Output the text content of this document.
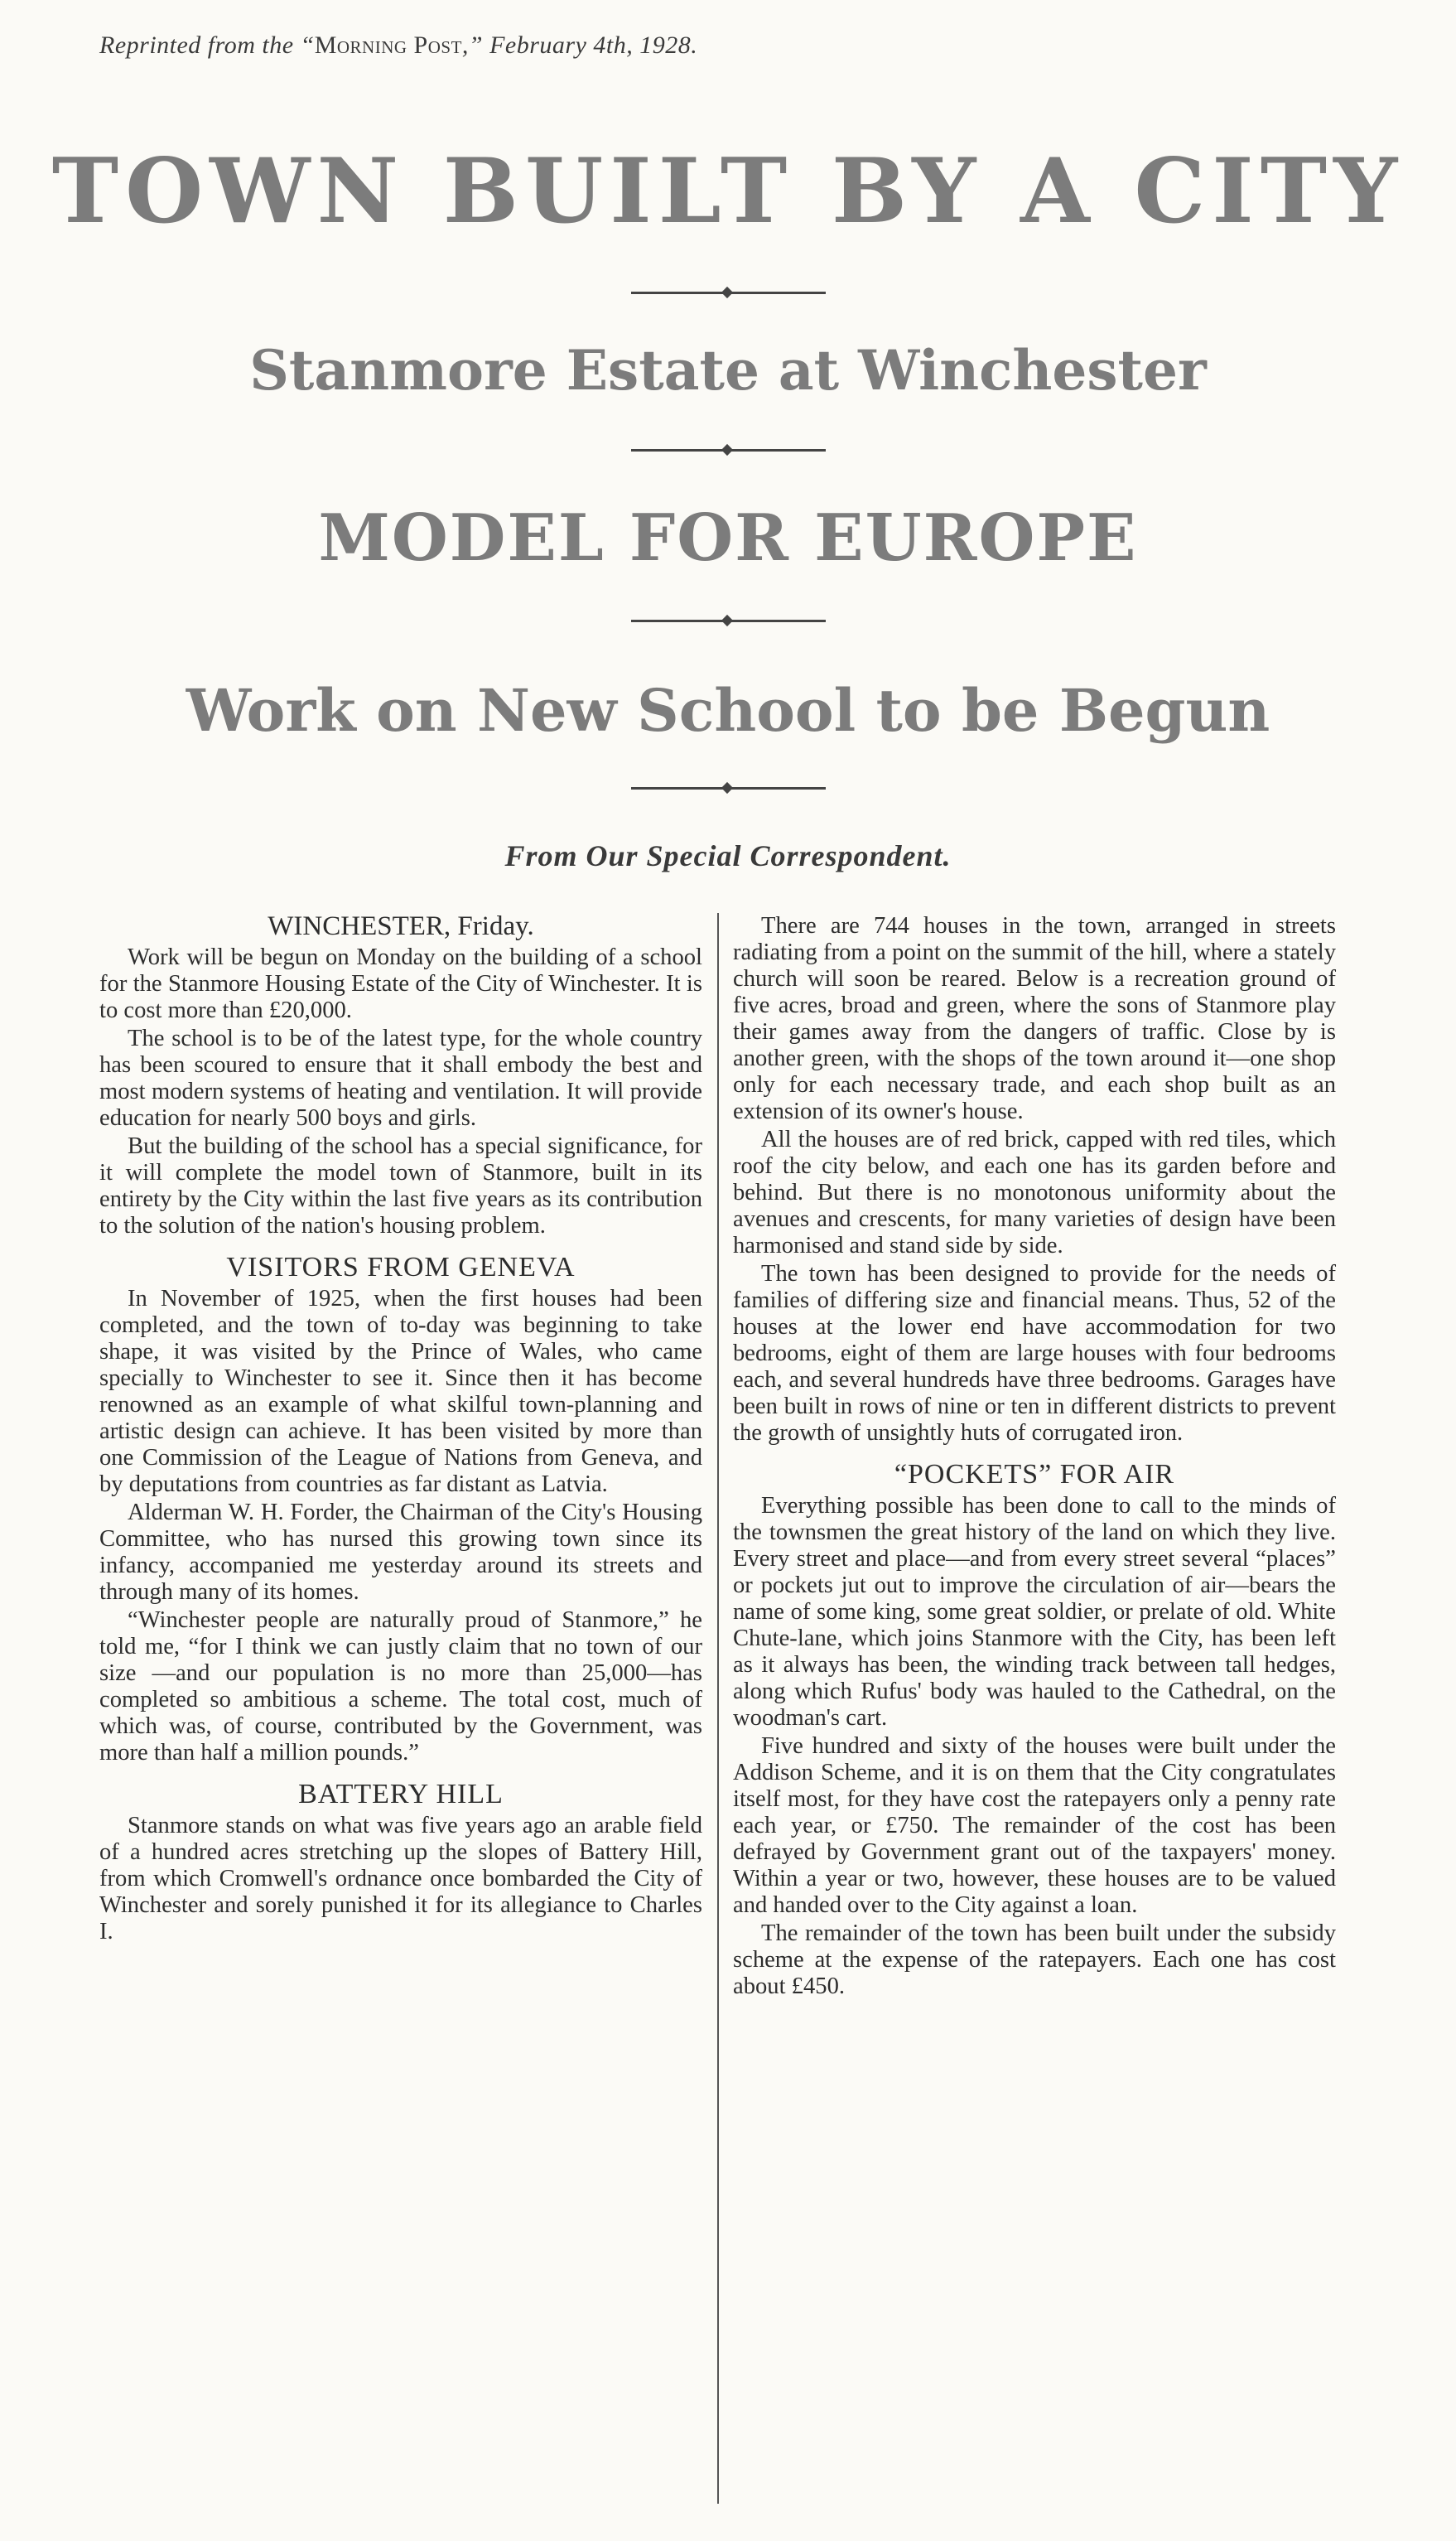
Reprinted from the “Morning Post,” February 4th, 1928.
TOWN BUILT BY A CITY
Stanmore Estate at Winchester
MODEL FOR EUROPE
Work on New School to be Begun
From Our Special Correspondent.
WINCHESTER, Friday.

Work will be begun on Monday on the building of a school for the Stanmore Housing Estate of the City of Winchester. It is to cost more than £20,000.

The school is to be of the latest type, for the whole country has been scoured to ensure that it shall embody the best and most modern systems of heating and ventilation. It will provide education for nearly 500 boys and girls.

But the building of the school has a special significance, for it will complete the model town of Stanmore, built in its entirety by the City within the last five years as its contribution to the solution of the nation's housing problem.

VISITORS FROM GENEVA

In November of 1925, when the first houses had been completed, and the town of to-day was beginning to take shape, it was visited by the Prince of Wales, who came specially to Winchester to see it. Since then it has become renowned as an example of what skilful town-planning and artistic design can achieve. It has been visited by more than one Commission of the League of Nations from Geneva, and by deputations from countries as far distant as Latvia.

Alderman W. H. Forder, the Chairman of the City's Housing Committee, who has nursed this growing town since its infancy, accompanied me yesterday around its streets and through many of its homes.

“Winchester people are naturally proud of Stanmore,” he told me, “for I think we can justly claim that no town of our size —and our population is no more than 25,000—has completed so ambitious a scheme. The total cost, much of which was, of course, contributed by the Government, was more than half a million pounds.”

BATTERY HILL

Stanmore stands on what was five years ago an arable field of a hundred acres stretching up the slopes of Battery Hill, from which Cromwell's ordnance once bombarded the City of Winchester and sorely punished it for its allegiance to Charles I.

There are 744 houses in the town, arranged in streets radiating from a point on the summit of the hill, where a stately church will soon be reared. Below is a recreation ground of five acres, broad and green, where the sons of Stanmore play their games away from the dangers of traffic. Close by is another green, with the shops of the town around it—one shop only for each necessary trade, and each shop built as an extension of its owner's house.

All the houses are of red brick, capped with red tiles, which roof the city below, and each one has its garden before and behind. But there is no monotonous uniformity about the avenues and crescents, for many varieties of design have been harmonised and stand side by side.

The town has been designed to provide for the needs of families of differing size and financial means. Thus, 52 of the houses at the lower end have accommodation for two bedrooms, eight of them are large houses with four bedrooms each, and several hundreds have three bedrooms. Garages have been built in rows of nine or ten in different districts to prevent the growth of unsightly huts of corrugated iron.

“POCKETS” FOR AIR

Everything possible has been done to call to the minds of the townsmen the great history of the land on which they live. Every street and place—and from every street several “places” or pockets jut out to improve the circulation of air—bears the name of some king, some great soldier, or prelate of old. White Chute-lane, which joins Stanmore with the City, has been left as it always has been, the winding track between tall hedges, along which Rufus' body was hauled to the Cathedral, on the woodman's cart.

Five hundred and sixty of the houses were built under the Addison Scheme, and it is on them that the City congratulates itself most, for they have cost the ratepayers only a penny rate each year, or £750. The remainder of the cost has been defrayed by Government grant out of the taxpayers' money. Within a year or two, however, these houses are to be valued and handed over to the City against a loan.

The remainder of the town has been built under the subsidy scheme at the expense of the ratepayers. Each one has cost about £450.
